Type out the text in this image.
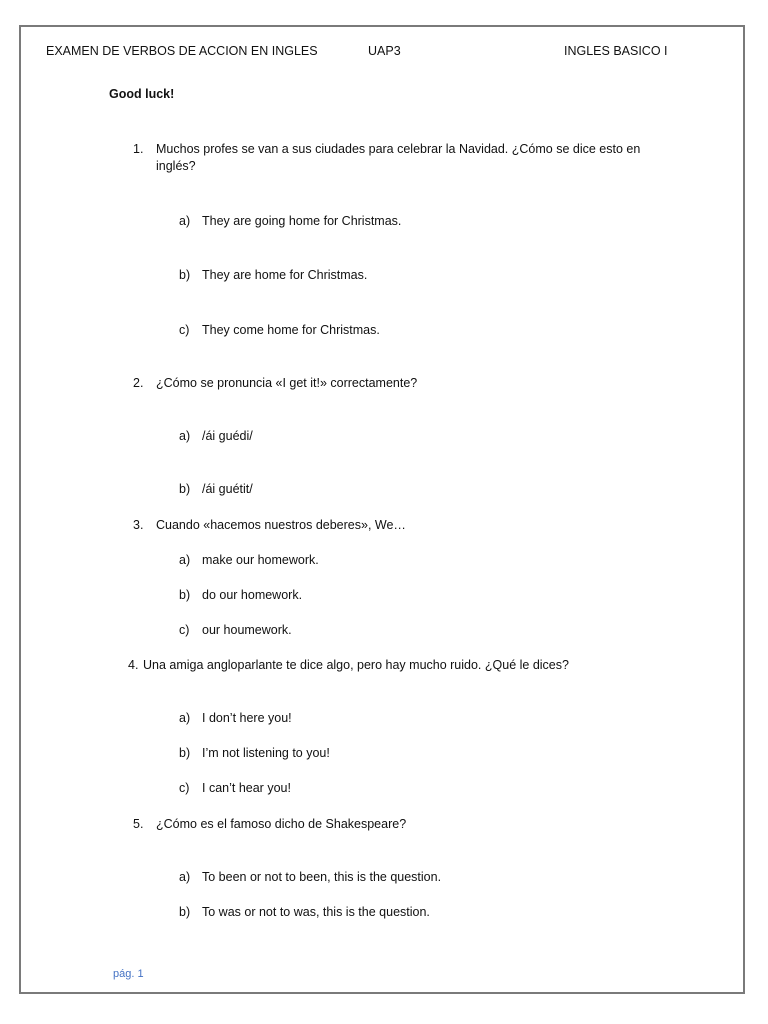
EXAMEN DE VERBOS DE ACCION EN INGLES	UAP3	INGLES BASICO I
Good luck!
1. Muchos profes se van a sus ciudades para celebrar la Navidad. ¿Cómo se dice esto en inglés?
a) They are going home for Christmas.
b) They are home for Christmas.
c) They come home for Christmas.
2. ¿Cómo se pronuncia «I get it!» correctamente?
a) /ái guédi/
b) /ái guétit/
3. Cuando «hacemos nuestros deberes», We…
a) make our homework.
b) do our homework.
c) our houmework.
4. Una amiga angloparlante te dice algo, pero hay mucho ruido. ¿Qué le dices?
a) I don’t here you!
b) I’m not listening to you!
c) I can’t hear you!
5. ¿Cómo es el famoso dicho de Shakespeare?
a) To been or not to been, this is the question.
b) To was or not to was, this is the question.
pág. 1
